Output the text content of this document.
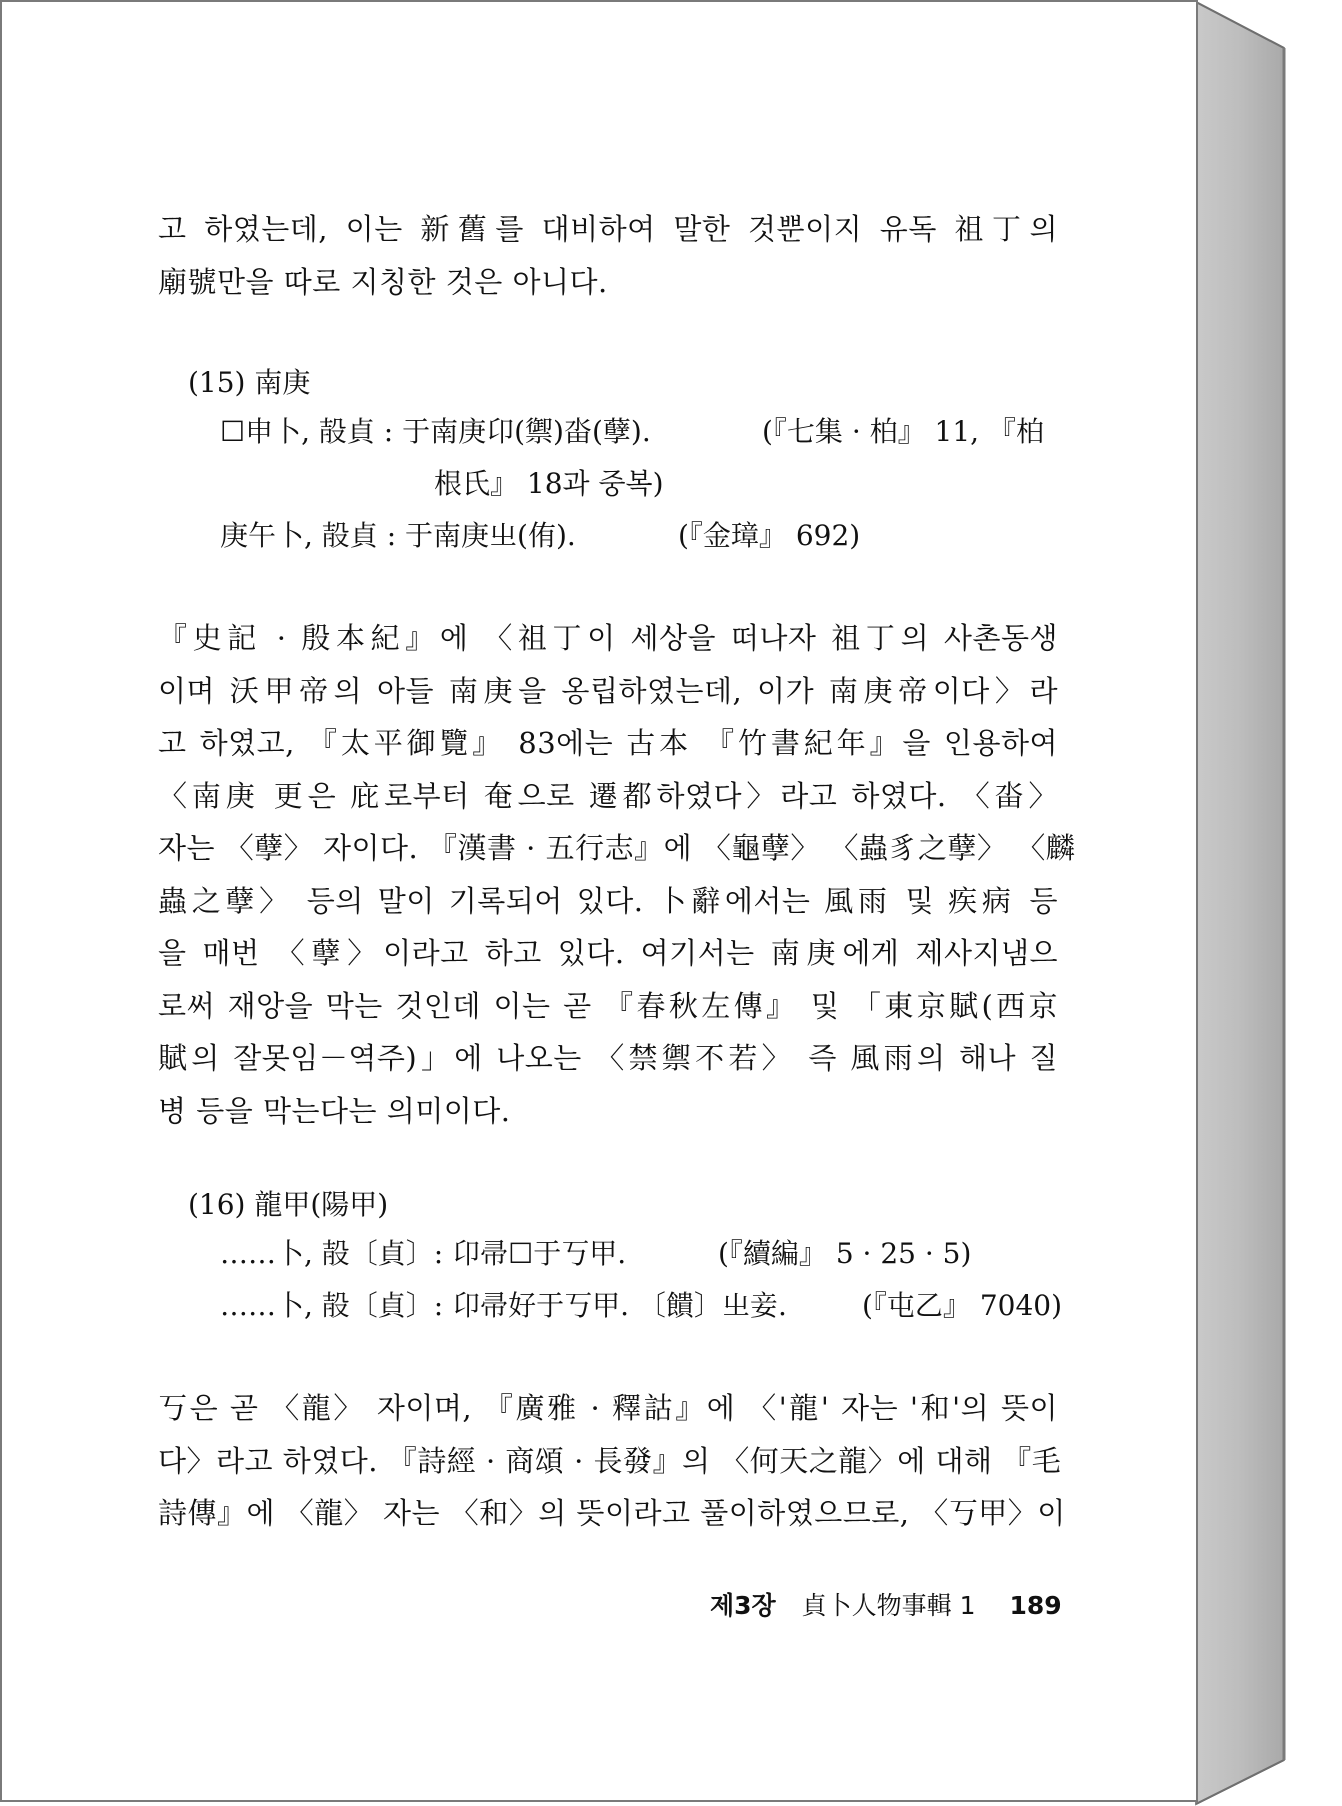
고 하였는데, 이는 新舊를 대비하여 말한 것뿐이지 유독 祖丁의
廟號만을 따로 지칭한 것은 아니다.
(15) 南庚
☐申卜, 㱿貞 : 于南庚卬(禦)畓(孽).	(『七集 · 柏』 11, 『柏
根氏』 18과 중복)
庚午卜, 㱿貞 : 于南庚㞢(侑).	(『金璋』 692)
『史記 · 殷本紀』에 〈祖丁이 세상을 떠나자 祖丁의 사촌동생
이며 沃甲帝의 아들 南庚을 옹립하였는데, 이가 南庚帝이다〉라
고 하였고, 『太平御覽』 83에는 古本 『竹書紀年』을 인용하여
〈南庚 更은 庇로부터 奄으로 遷都하였다〉라고 하였다. 〈畓〉
자는 〈孽〉 자이다. 『漢書 · 五行志』에 〈龜孽〉 〈蟲豸之孽〉 〈麟
蟲之孽〉 등의 말이 기록되어 있다. 卜辭에서는 風雨 및 疾病 등
을 매번 〈孽〉이라고 하고 있다. 여기서는 南庚에게 제사지냄으
로써 재앙을 막는 것인데 이는 곧 『春秋左傳』 및 「東京賦(西京
賦의 잘못임－역주)」에 나오는 〈禁禦不若〉 즉 風雨의 해나 질
병 등을 막는다는 의미이다.
(16) 龍甲(陽甲)
……卜, 㱿〔貞〕: 卬帚☐于丂甲.	(『續編』 5 · 25 · 5)
……卜, 㱿〔貞〕: 卬帚好于丂甲. 〔饋〕㞢妾.	(『屯乙』 7040)
丂은 곧 〈龍〉 자이며, 『廣雅 · 釋詁』에 〈'龍' 자는 '和'의 뜻이
다〉라고 하였다. 『詩經 · 商頌 · 長發』의 〈何天之龍〉에 대해 『毛
詩傳』에 〈龍〉 자는 〈和〉의 뜻이라고 풀이하였으므로, 〈丂甲〉이
제3장 貞卜人物事輯 1 189
